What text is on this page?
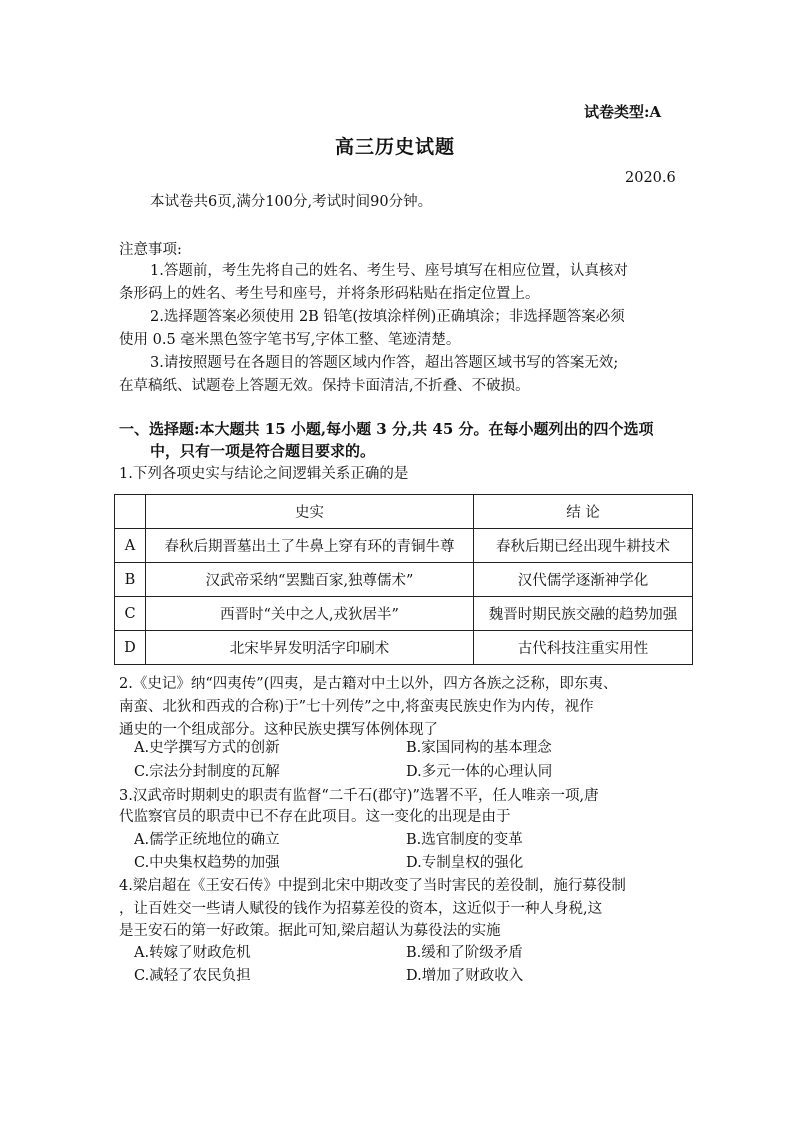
试卷类型:A
高三历史试题
2020.6
本试卷共6页,满分100分,考试时间90分钟。
注意事项:
1.答题前，考生先将自己的姓名、考生号、座号填写在相应位置，认真核对
条形码上的姓名、考生号和座号，并将条形码粘贴在指定位置上。
2.选择题答案必须使用 2B 铅笔(按填涂样例)正确填涂；非选择题答案必须
使用 0.5 毫米黑色签字笔书写,字体工整、笔迹清楚。
3.请按照题号在各题目的答题区域内作答，超出答题区域书写的答案无效;
在草稿纸、试题卷上答题无效。保持卡面清洁,不折叠、不破损。
一、选择题:本大题共 15 小题,每小题 3 分,共 45 分。在每小题列出的四个选项
中，只有一项是符合题目要求的。
1.下列各项史实与结论之间逻辑关系正确的是
	史实	结 论
A	春秋后期晋墓出土了牛鼻上穿有环的青铜牛尊	春秋后期已经出现牛耕技术
B	汉武帝采纳“罢黜百家,独尊儒术”	汉代儒学逐渐神学化
C	西晋时“关中之人,戎狄居半”	魏晋时期民族交融的趋势加强
D	北宋毕昇发明活字印刷术	古代科技注重实用性
2.《史记》纳“四夷传”(四夷，是古籍对中土以外，四方各族之泛称，即东夷、
南蛮、北狄和西戎的合称)于”七十列传”之中,将蛮夷民族史作为内传，视作
通史的一个组成部分。这种民族史撰写体例体现了
A.史学撰写方式的创新	B.家国同构的基本理念
C.宗法分封制度的瓦解	D.多元一体的心理认同
3.汉武帝时期刺史的职责有监督“二千石(郡守)”选署不平，任人唯亲一项,唐
代监察官员的职责中已不存在此项目。这一变化的出现是由于
A.儒学正统地位的确立	B.选官制度的变革
C.中央集权趋势的加强	D.专制皇权的强化
4.梁启超在《王安石传》中提到北宋中期改变了当时害民的差役制，施行募役制
，让百姓交一些请人赋役的钱作为招募差役的资本，这近似于一种人身税,这
是王安石的第一好政策。据此可知,梁启超认为募役法的实施
A.转嫁了财政危机	B.缓和了阶级矛盾
C.减轻了农民负担	D.增加了财政收入
